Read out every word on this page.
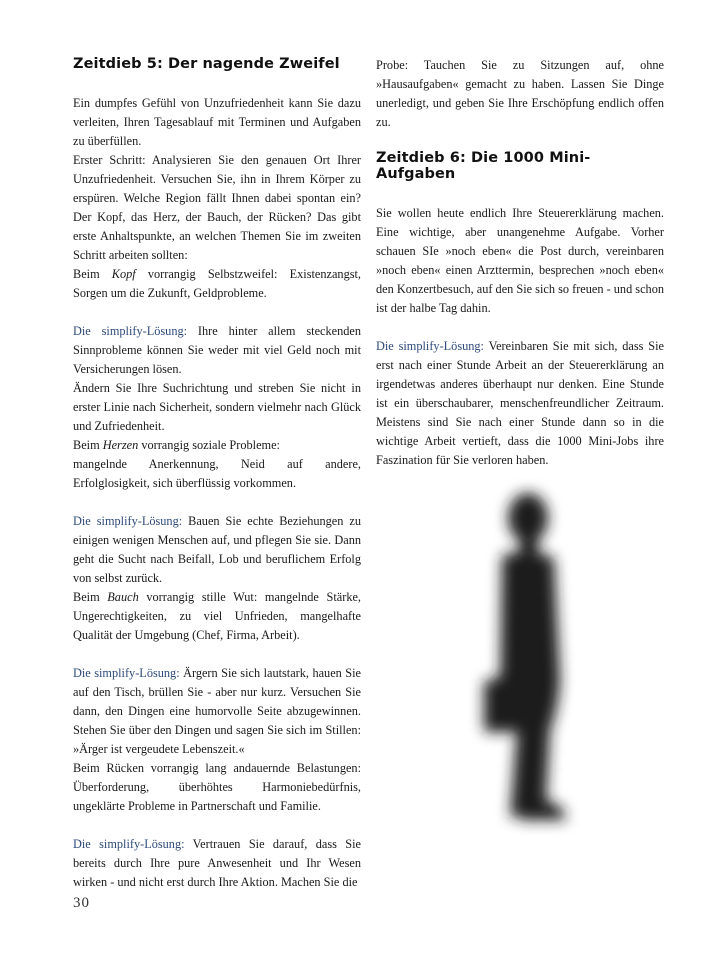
Zeitdieb 5: Der nagende Zweifel

Ein dumpfes Gefühl von Unzufriedenheit kann Sie dazu verleiten, Ihren Tagesablauf mit Terminen und Aufgaben zu überfüllen.

Erster Schritt: Analysieren Sie den genauen Ort Ihrer Unzufriedenheit. Versuchen Sie, ihn in Ihrem Körper zu erspüren. Welche Region fällt Ihnen dabei spontan ein? Der Kopf, das Herz, der Bauch, der Rücken? Das gibt erste Anhaltspunkte, an welchen Themen Sie im zweiten Schritt arbeiten sollten:

Beim Kopf vorrangig Selbstzweifel: Existenzangst, Sorgen um die Zukunft, Geldprobleme.

Die simplify-Lösung: Ihre hinter allem steckenden Sinnprobleme können Sie weder mit viel Geld noch mit Versicherungen lösen.

Ändern Sie Ihre Suchrichtung und streben Sie nicht in erster Linie nach Sicherheit, sondern vielmehr nach Glück und Zufriedenheit.

Beim Herzen vorrangig soziale Probleme:

mangelnde Anerkennung, Neid auf andere, Erfolglosigkeit, sich überflüssig vorkommen.

Die simplify-Lösung: Bauen Sie echte Beziehungen zu einigen wenigen Menschen auf, und pflegen Sie sie. Dann geht die Sucht nach Beifall, Lob und beruflichem Erfolg von selbst zurück.

Beim Bauch vorrangig stille Wut: mangelnde Stärke, Ungerechtigkeiten, zu viel Unfrieden, mangelhafte Qualität der Umgebung (Chef, Firma, Arbeit).

Die simplify-Lösung: Ärgern Sie sich lautstark, hauen Sie auf den Tisch, brüllen Sie - aber nur kurz. Versuchen Sie dann, den Dingen eine humorvolle Seite abzugewinnen. Stehen Sie über den Dingen und sagen Sie sich im Stillen: »Ärger ist vergeudete Lebenszeit.«

Beim Rücken vorrangig lang andauernde Belastungen: Überforderung, überhöhtes Harmoniebedürfnis, ungeklärte Probleme in Partnerschaft und Familie.

Die simplify-Lösung: Vertrauen Sie darauf, dass Sie bereits durch Ihre pure Anwesenheit und Ihr Wesen wirken - und nicht erst durch Ihre Aktion. Machen Sie die

Probe: Tauchen Sie zu Sitzungen auf, ohne »Hausaufgaben« gemacht zu haben. Lassen Sie Dinge unerledigt, und geben Sie Ihre Erschöpfung endlich offen zu.

Zeitdieb 6: Die 1000 Mini-Aufgaben

Sie wollen heute endlich Ihre Steuererklärung machen. Eine wichtige, aber unangenehme Aufgabe. Vorher schauen SIe »noch eben« die Post durch, vereinbaren »noch eben« einen Arzttermin, besprechen »noch eben« den Konzertbesuch, auf den Sie sich so freuen - und schon ist der halbe Tag dahin.

Die simplify-Lösung: Vereinbaren Sie mit sich, dass Sie erst nach einer Stunde Arbeit an der Steuererklärung an irgendetwas anderes überhaupt nur denken. Eine Stunde ist ein überschaubarer, menschenfreundlicher Zeitraum. Meistens sind Sie nach einer Stunde dann so in die wichtige Arbeit vertieft, dass die 1000 Mini-Jobs ihre Faszination für Sie verloren haben.

30
